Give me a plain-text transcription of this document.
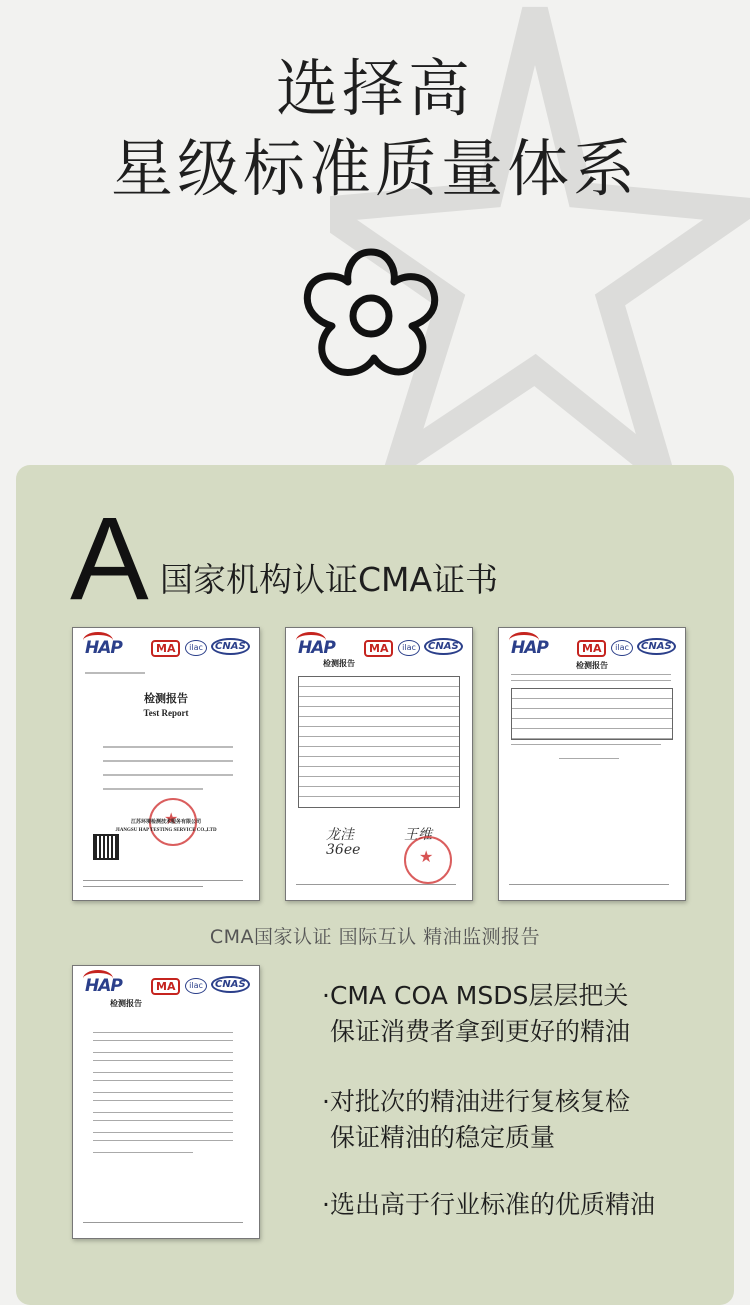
选择高
星级标准质量体系
A 国家机构认证CMA证书
HAP	MA	ilac	CNAS
检测报告
Test Report
★
江苏环境检测技术服务有限公司
JIANGSU HAP TESTING SERVICE CO.,LTD
HAP	MA	ilac	CNAS
检测报告
龙洼	王维
36ee
★
HAP	MA	ilac	CNAS
检测报告
CMA国家认证 国际互认 精油监测报告
HAP	MA	ilac	CNAS
检测报告	·CMA COA MSDS层层把关
保证消费者拿到更好的精油
·对批次的精油进行复核复检
保证精油的稳定质量
·选出高于行业标准的优质精油
